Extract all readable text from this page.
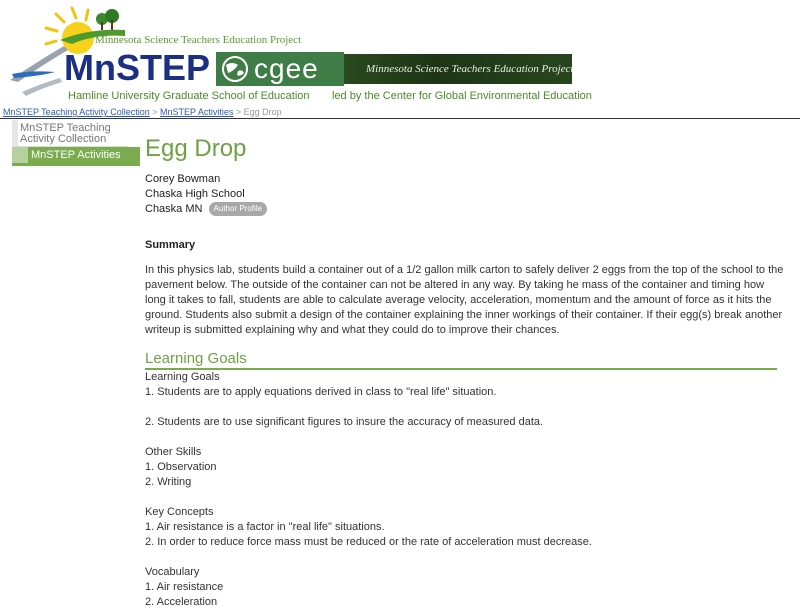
Minnesota Science Teachers Education Project
MnSTEP
Hamline University Graduate School of Education
cgee	Minnesota Science Teachers Education Project
led by the Center for Global Environmental Education
MnSTEP Teaching Activity Collection > MnSTEP Activities > Egg Drop
MnSTEP Teaching Activity Collection
MnSTEP Activities	Egg Drop
Corey Bowman
Chaska High School
Chaska MN Author Profile
Summary
In this physics lab, students build a container out of a 1/2 gallon milk carton to safely deliver 2 eggs from the top of the school to the pavement below. The outside of the container can not be altered in any way. By taking he mass of the container and timing how long it takes to fall, students are able to calculate average velocity, acceleration, momentum and the amount of force as it hits the ground. Students also submit a design of the container explaining the inner workings of their container. If their egg(s) break another writeup is submitted explaining why and what they could do to improve their chances.
Learning Goals
Learning Goals
1. Students are to apply equations derived in class to "real life" situation.
2. Students are to use significant figures to insure the accuracy of measured data.
Other Skills
1. Observation
2. Writing
Key Concepts
1. Air resistance is a factor in "real life" situations.
2. In order to reduce force mass must be reduced or the rate of acceleration must decrease.
Vocabulary
1. Air resistance
2. Acceleration
